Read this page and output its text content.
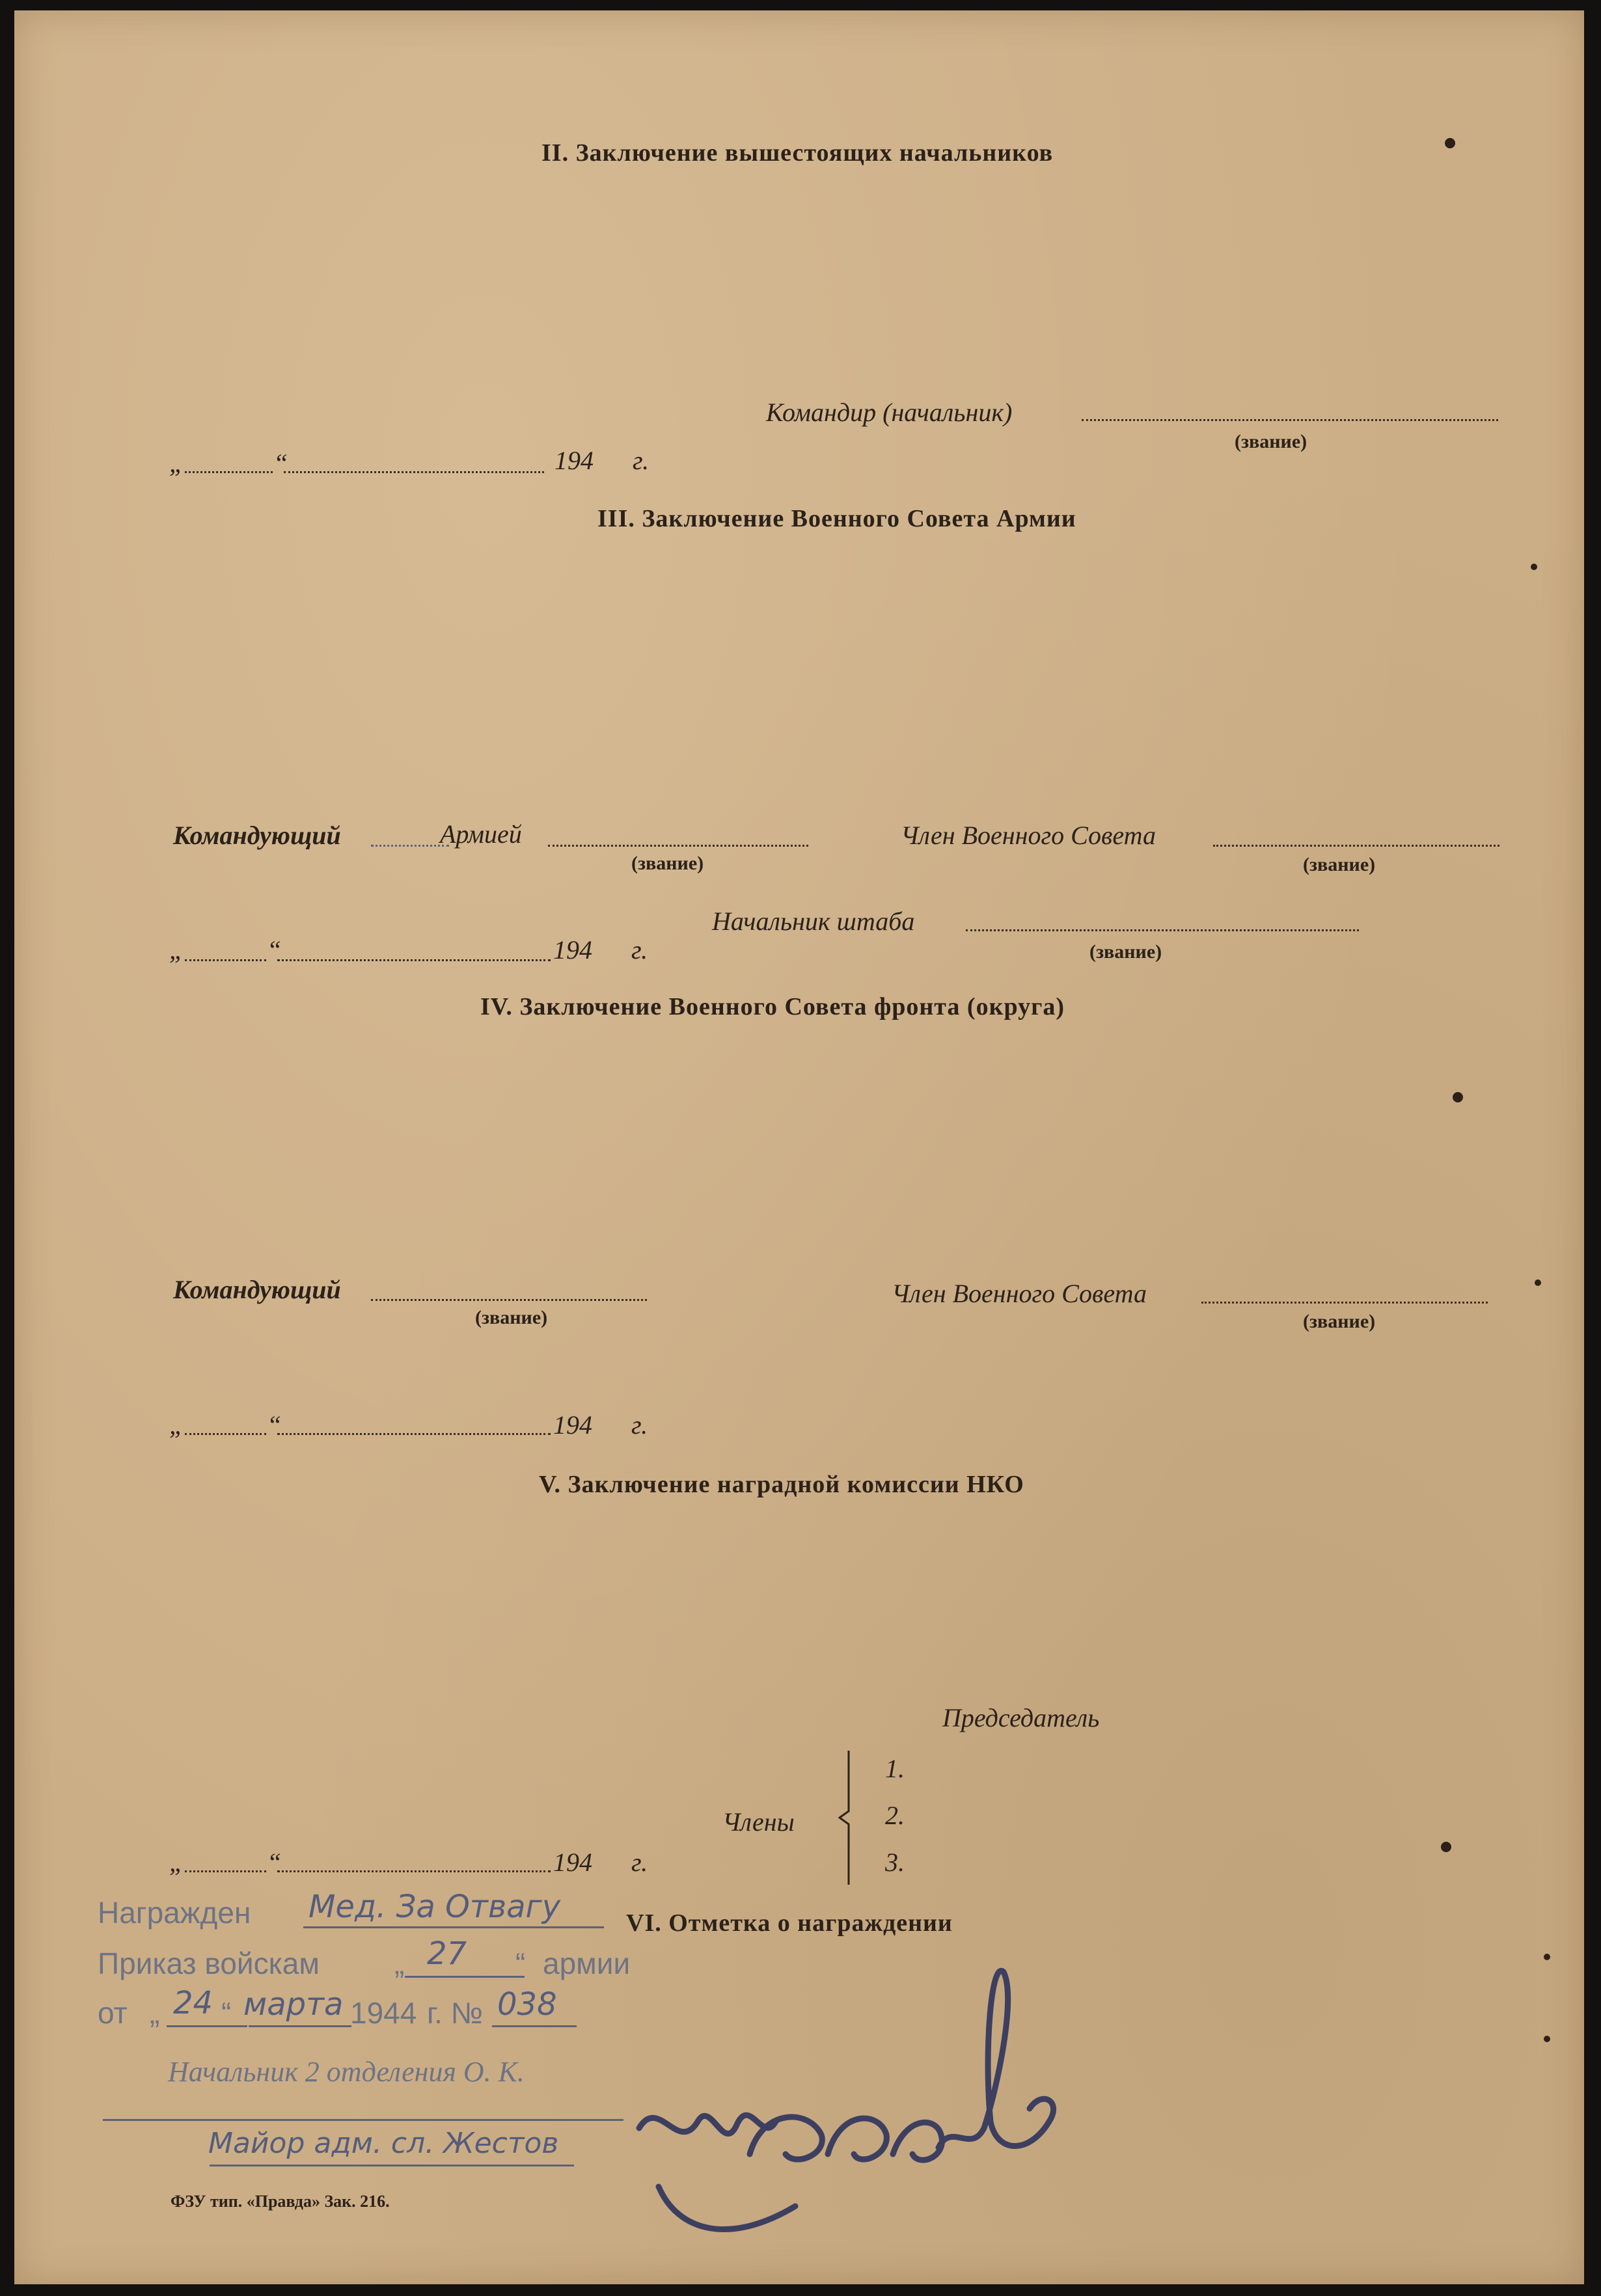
II. Заключение вышестоящих начальников
Командир (начальник)
(звание)
„	“	194 г.
III. Заключение Военного Совета Армии
Командующий	Армией
(звание)
Член Военного Совета
(звание)
Начальник штаба
(звание)
„	“	194 г.
IV. Заключение Военного Совета фронта (округа)
Командующий
(звание)
Член Военного Совета
(звание)
„	“	194 г.
V. Заключение наградной комиссии НКО
Председатель
Члены
1.
2.
3.
„	“	194 г.
VI. Отметка о награждении
Награжден Мед. За Отвагу
Приказ войскам	„ 27 “ армии
от „ 24 “ марта 1944 г. № 038
Начальник 2 отделения О. К.
Майор адм. сл. Жестов
ФЗУ тип. «Правда» Зак. 216.
